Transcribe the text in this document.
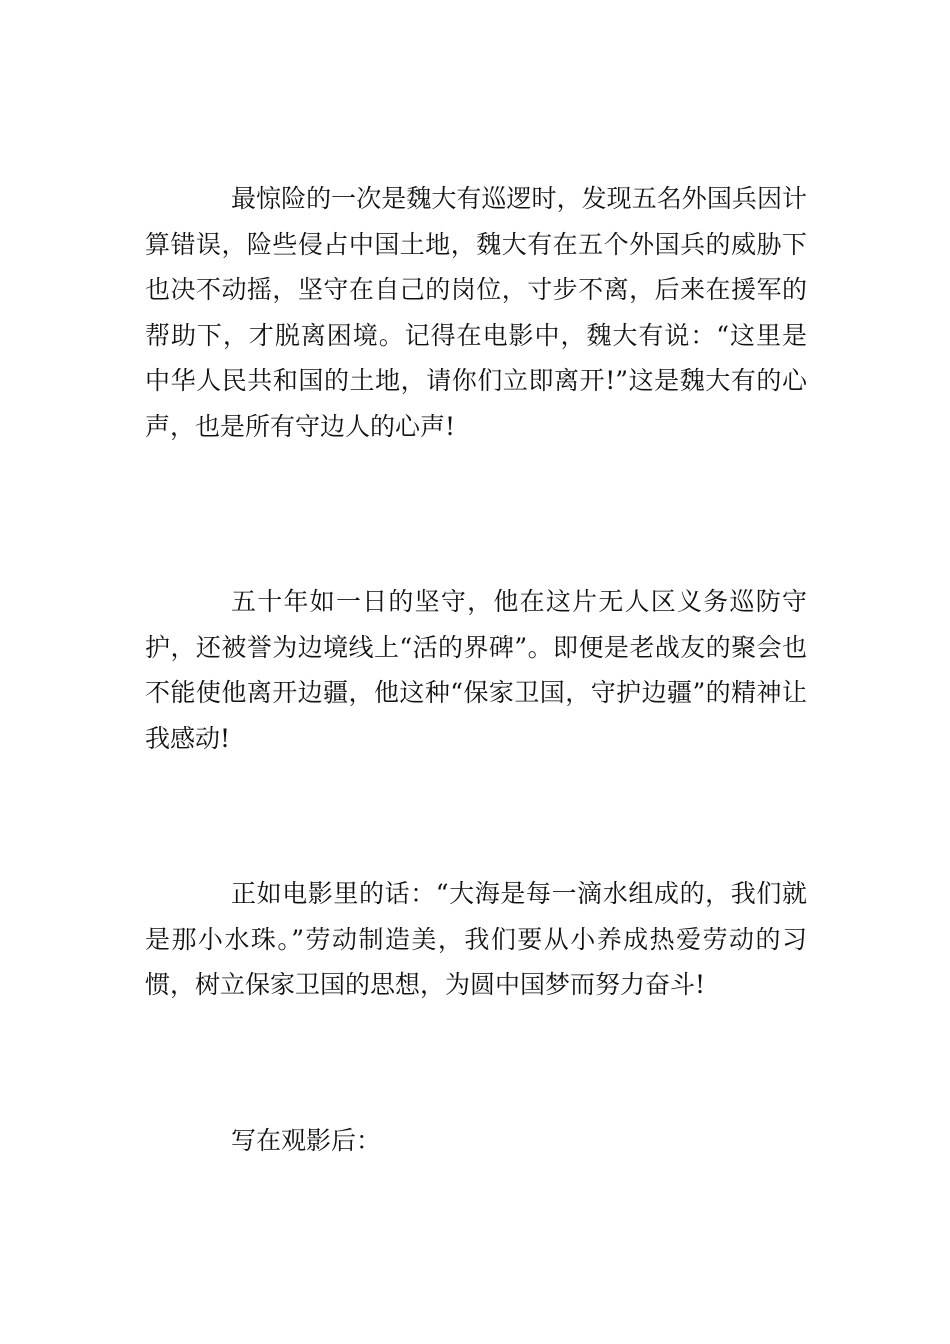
最惊险的一次是魏大有巡逻时，发现五名外国兵因计算错误，险些侵占中国土地，魏大有在五个外国兵的威胁下也决不动摇，坚守在自己的岗位，寸步不离，后来在援军的帮助下，才脱离困境。记得在电影中，魏大有说：“这里是中华人民共和国的土地，请你们立即离开!”这是魏大有的心声，也是所有守边人的心声!

五十年如一日的坚守，他在这片无人区义务巡防守护，还被誉为边境线上“活的界碑”。即便是老战友的聚会也不能使他离开边疆，他这种“保家卫国，守护边疆”的精神让我感动!

正如电影里的话：“大海是每一滴水组成的，我们就是那小水珠。”劳动制造美，我们要从小养成热爱劳动的习惯，树立保家卫国的思想，为圆中国梦而努力奋斗!

写在观影后：
